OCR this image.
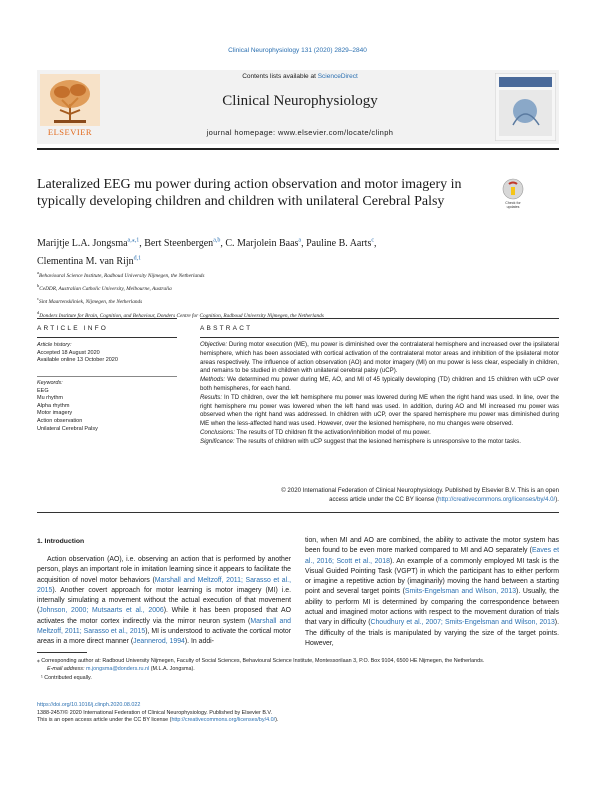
Clinical Neurophysiology 131 (2020) 2829–2840
ELSEVIER
Contents lists available at ScienceDirect
Clinical Neurophysiology
journal homepage: www.elsevier.com/locate/clinph
Lateralized EEG mu power during action observation and motor imagery in typically developing children and children with unilateral Cerebral Palsy	Check for
updates
Marijtje L.A. Jongsma$^{a,⁎,1}$, Bert Steenbergen$^{a,b}$, C. Marjolein Baas$^a$, Pauline B. Aarts$^c$,
Clementina M. van Rijn$^{d,1}$
$^a$Behavioural Science Institute, Radboud University Nijmegen, the Netherlands
$^b$CeDDR, Australian Catholic University, Melbourne, Australia
$^c$Sint Maartenskliniek, Nijmegen, the Netherlands
$^d$Donders Institute for Brain, Cognition, and Behaviour, Donders Centre for Cognition, Radboud University Nijmegen, the Netherlands
ARTICLE INFO	ABSTRACT
Article history:
Accepted 18 August 2020
Available online 13 October 2020
Keywords:
EEG
Mu rhythm
Alpha rhythm
Motor imagery
Action observation
Unilateral Cerebral Palsy
Objective: During motor execution (ME), mu power is diminished over the contralateral hemisphere and increased over the ipsilateral hemisphere, which has been associated with cortical activation of the contralateral motor areas and inhibition of the ipsilateral motor areas respectively. The influence of action observation (AO) and motor imagery (MI) on mu power is less clear, especially in children, and remains to be studied in children with unilateral cerebral palsy (uCP).
Methods: We determined mu power during ME, AO, and MI of 45 typically developing (TD) children and 15 children with uCP over both hemispheres, for each hand.
Results: In TD children, over the left hemisphere mu power was lowered during ME when the right hand was used. In line, over the right hemisphere mu power was lowered when the left hand was used. In addition, during AO and MI increased mu power was observed when the right hand was addressed. In children with uCP, over the spared hemisphere mu power was diminished during ME when the less-affected hand was used. However, over the lesioned hemisphere, no mu changes were observed.
Conclusions: The results of TD children fit the activation/inhibition model of mu power.
Significance: The results of children with uCP suggest that the lesioned hemisphere is unresponsive to the motor tasks.
© 2020 International Federation of Clinical Neurophysiology. Published by Elsevier B.V. This is an open
access article under the CC BY license (http://creativecommons.org/licenses/by/4.0/).
1. Introduction
Action observation (AO), i.e. observing an action that is performed by another person, plays an important role in imitation learning since it appears to facilitate the acquisition of novel motor behaviors (Marshall and Meltzoff, 2011; Sarasso et al., 2015). Another covert approach for motor learning is motor imagery (MI) i.e. internally simulating a movement without the actual execution of that movement (Johnson, 2000; Mutsaarts et al., 2006). While it has been proposed that AO activates the motor cortex indirectly via the mirror neuron system (Marshall and Meltzoff, 2011; Sarasso et al., 2015), MI is understood to activate the cortical motor areas in a more direct manner (Jeannerod, 1994). In addi-
tion, when MI and AO are combined, the ability to activate the motor system has been found to be even more marked compared to MI and AO separately (Eaves et al., 2016; Scott et al., 2018). An example of a commonly employed MI task is the Visual Guided Pointing Task (VGPT) in which the participant has to either perform or imagine a repetitive action by (imaginarily) moving the hand between a starting point and several target points (Smits-Engelsman and Wilson, 2013). Usually, the ability to perform MI is determined by comparing the correspondence between actual and imagined motor actions with respect to the movement duration of trials that vary in difficulty (Choudhury et al., 2007; Smits-Engelsman and Wilson, 2013). The difficulty of the trials is manipulated by varying the size of the target points. However,
⁎ Corresponding author at: Radboud University Nijmegen, Faculty of Social Sciences, Behavioural Science Institute, Montessorilaan 3, P.O. Box 9104, 6500 HE Nijmegen, the Netherlands.
E-mail address: m.jongsma@donders.ru.nl (M.L.A. Jongsma).
¹ Contributed equally.
https://doi.org/10.1016/j.clinph.2020.08.022
1388-2457/© 2020 International Federation of Clinical Neurophysiology. Published by Elsevier B.V.
This is an open access article under the CC BY license (http://creativecommons.org/licenses/by/4.0/).
